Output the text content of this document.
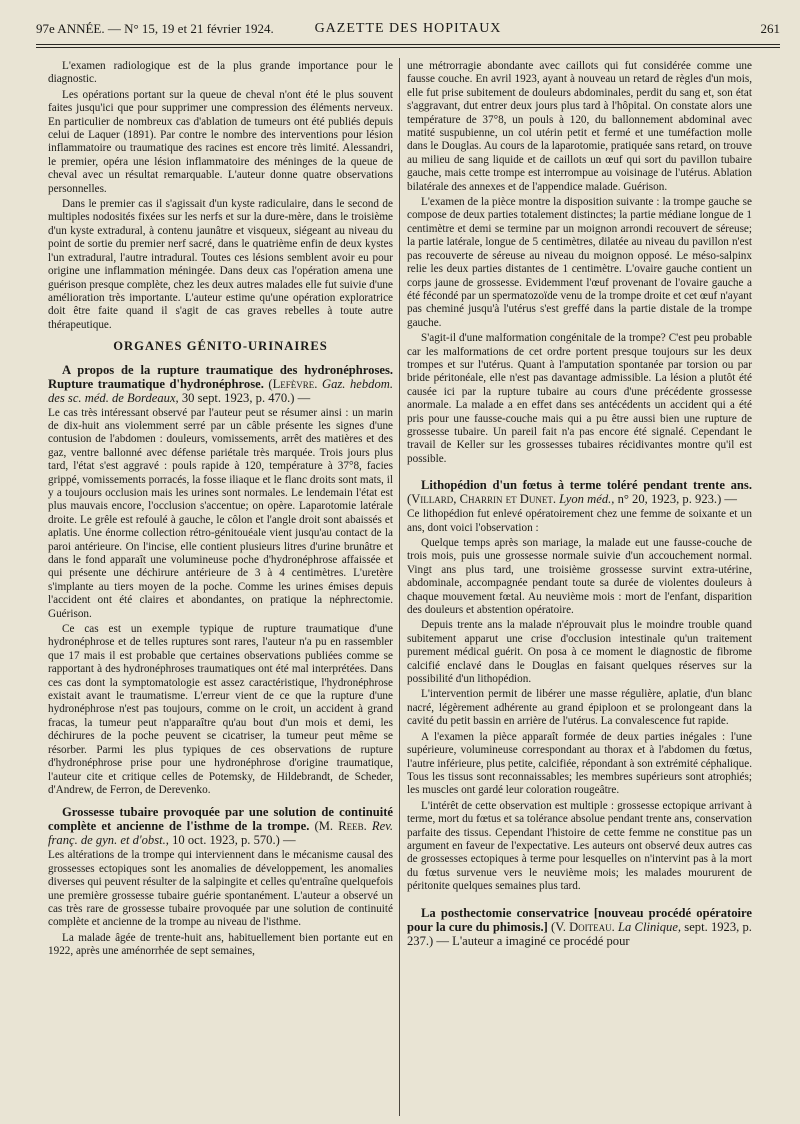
97e ANNÉE. — N° 15, 19 et 21 février 1924.	GAZETTE DES HOPITAUX	261

L'examen radiologique est de la plus grande importance pour le diagnostic.

Les opérations portant sur la queue de cheval n'ont été le plus souvent faites jusqu'ici que pour supprimer une compression des éléments nerveux. En particulier de nombreux cas d'ablation de tumeurs ont été publiés depuis celui de Laquer (1891). Par contre le nombre des interventions pour lésion inflammatoire ou traumatique des racines est encore très limité. Alessandri, le premier, opéra une lésion inflammatoire des méninges de la queue de cheval avec un résultat remarquable. L'auteur donne quatre observations personnelles.

Dans le premier cas il s'agissait d'un kyste radiculaire, dans le second de multiples nodosités fixées sur les nerfs et sur la dure-mère, dans le troisième d'un kyste extradural, à contenu jaunâtre et visqueux, siégeant au niveau du point de sortie du premier nerf sacré, dans le quatrième enfin de deux kystes l'un extradural, l'autre intradural. Toutes ces lésions semblent avoir eu pour origine une inflammation méningée. Dans deux cas l'opération amena une guérison presque complète, chez les deux autres malades elle fut suivie d'une amélioration très importante. L'auteur estime qu'une opération exploratrice doit être faite quand il s'agit de cas graves rebelles à toute autre thérapeutique.

ORGANES GÉNITO-URINAIRES

A propos de la rupture traumatique des hydronéphroses. Rupture traumatique d'hydronéphrose. (Lefèvre. Gaz. hebdom. des sc. méd. de Bordeaux, 30 sept. 1923, p. 470.) —

Le cas très intéressant observé par l'auteur peut se résumer ainsi : un marin de dix-huit ans violemment serré par un câble présente les signes d'une contusion de l'abdomen : douleurs, vomissements, arrêt des matières et des gaz, ventre ballonné avec défense pariétale très marquée. Trois jours plus tard, l'état s'est aggravé : pouls rapide à 120, température à 37°8, facies grippé, vomissements porracés, la fosse iliaque et le flanc droits sont mats, il y a toujours occlusion mais les urines sont normales. Le lendemain l'état est plus mauvais encore, l'occlusion s'accentue; on opère. Laparotomie latérale droite. Le grêle est refoulé à gauche, le côlon et l'angle droit sont abaissés et aplatis. Une énorme collection rétro-génitouéale vient jusqu'au contact de la paroi antérieure. On l'incise, elle contient plusieurs litres d'urine brunâtre et dans le fond apparaît une volumineuse poche d'hydronéphrose affaissée et qui présente une déchirure antérieure de 3 à 4 centimètres. L'uretère s'implante au tiers moyen de la poche. Comme les urines émises depuis l'accident ont été claires et abondantes, on pratique la néphrectomie. Guérison.

Ce cas est un exemple typique de rupture traumatique d'une hydronéphrose et de telles ruptures sont rares, l'auteur n'a pu en rassembler que 17 mais il est probable que certaines observations publiées comme se rapportant à des hydronéphroses traumatiques ont été mal interprétées. Dans ces cas dont la symptomatologie est assez caractéristique, l'hydronéphrose existait avant le traumatisme. L'erreur vient de ce que la rupture d'une hydronéphrose n'est pas toujours, comme on le croit, un accident à grand fracas, la tumeur peut n'apparaître qu'au bout d'un mois et demi, les déchirures de la poche peuvent se cicatriser, la tumeur peut même se résorber. Parmi les plus typiques de ces observations de rupture d'hydronéphrose prise pour une hydronéphrose d'origine traumatique, l'auteur cite et critique celles de Potemsky, de Hildebrandt, de Scheder, d'Andrew, de Ferron, de Derevenko.

Grossesse tubaire provoquée par une solution de continuité complète et ancienne de l'isthme de la trompe. (M. Reeb. Rev. franç. de gyn. et d'obst., 10 oct. 1923, p. 570.) —

Les altérations de la trompe qui interviennent dans le mécanisme causal des grossesses ectopiques sont les anomalies de développement, les anomalies diverses qui peuvent résulter de la salpingite et celles qu'entraîne quelquefois une première grossesse tubaire guérie spontanément. L'auteur a observé un cas très rare de grossesse tubaire provoquée par une solution de continuité complète et ancienne de la trompe au niveau de l'isthme.

La malade âgée de trente-huit ans, habituellement bien portante eut en 1922, après une aménorrhée de sept semaines,

une métrorragie abondante avec caillots qui fut considérée comme une fausse couche. En avril 1923, ayant à nouveau un retard de règles d'un mois, elle fut prise subitement de douleurs abdominales, perdit du sang et, son état s'aggravant, dut entrer deux jours plus tard à l'hôpital. On constate alors une température de 37°8, un pouls à 120, du ballonnement abdominal avec matité suspubienne, un col utérin petit et fermé et une tuméfaction molle dans le Douglas. Au cours de la laparotomie, pratiquée sans retard, on trouve au milieu de sang liquide et de caillots un œuf qui sort du pavillon tubaire gauche, mais cette trompe est interrompue au voisinage de l'utérus. Ablation bilatérale des annexes et de l'appendice malade. Guérison.

L'examen de la pièce montre la disposition suivante : la trompe gauche se compose de deux parties totalement distinctes; la partie médiane longue de 1 centimètre et demi se termine par un moignon arrondi recouvert de séreuse; la partie latérale, longue de 5 centimètres, dilatée au niveau du pavillon n'est pas recouverte de séreuse au niveau du moignon opposé. Le méso-salpinx relie les deux parties distantes de 1 centimètre. L'ovaire gauche contient un corps jaune de grossesse. Evidemment l'œuf provenant de l'ovaire gauche a été fécondé par un spermatozoïde venu de la trompe droite et cet œuf n'ayant pas cheminé jusqu'à l'utérus s'est greffé dans la partie distale de la trompe gauche.

S'agit-il d'une malformation congénitale de la trompe? C'est peu probable car les malformations de cet ordre portent presque toujours sur les deux trompes et sur l'utérus. Quant à l'amputation spontanée par torsion ou par bride péritonéale, elle n'est pas davantage admissible. La lésion a plutôt été causée ici par la rupture tubaire au cours d'une précédente grossesse anormale. La malade a en effet dans ses antécédents un accident qui a été pris pour une fausse-couche mais qui a pu être aussi bien une rupture de grossesse tubaire. Un pareil fait n'a pas encore été signalé. Cependant le travail de Keller sur les grossesses tubaires récidivantes montre qu'il est possible.

Lithopédion d'un fœtus à terme toléré pendant trente ans. (Villard, Charrin et Dunet. Lyon méd., n° 20, 1923, p. 923.) —

Ce lithopédion fut enlevé opératoirement chez une femme de soixante et un ans, dont voici l'observation :

Quelque temps après son mariage, la malade eut une fausse-couche de trois mois, puis une grossesse normale suivie d'un accouchement normal. Vingt ans plus tard, une troisième grossesse survint extra-utérine, abdominale, accompagnée pendant toute sa durée de violentes douleurs à chaque mouvement fœtal. Au neuvième mois : mort de l'enfant, disparition des douleurs et abstention opératoire.

Depuis trente ans la malade n'éprouvait plus le moindre trouble quand subitement apparut une crise d'occlusion intestinale qu'un traitement purement médical guérit. On posa à ce moment le diagnostic de fibrome calcifié enclavé dans le Douglas en faisant quelques réserves sur la possibilité d'un lithopédion.

L'intervention permit de libérer une masse régulière, aplatie, d'un blanc nacré, légèrement adhérente au grand épiploon et se prolongeant dans la cavité du petit bassin en arrière de l'utérus. La convalescence fut rapide.

A l'examen la pièce apparaît formée de deux parties inégales : l'une supérieure, volumineuse correspondant au thorax et à l'abdomen du fœtus, l'autre inférieure, plus petite, calcifiée, répondant à son extrémité céphalique. Tous les tissus sont reconnaissables; les membres supérieurs sont atrophiés; les muscles ont gardé leur coloration rougeâtre.

L'intérêt de cette observation est multiple : grossesse ectopique arrivant à terme, mort du fœtus et sa tolérance absolue pendant trente ans, conservation parfaite des tissus. Cependant l'histoire de cette femme ne constitue pas un argument en faveur de l'expectative. Les auteurs ont observé deux autres cas de grossesses ectopiques à terme pour lesquelles on n'intervint pas à la mort du fœtus survenue vers le neuvième mois; les malades moururent de péritonite quelques semaines plus tard.

La posthectomie conservatrice [nouveau procédé opératoire pour la cure du phimosis.] (V. Doiteau. La Clinique, sept. 1923, p. 237.) — L'auteur a imaginé ce procédé pour
